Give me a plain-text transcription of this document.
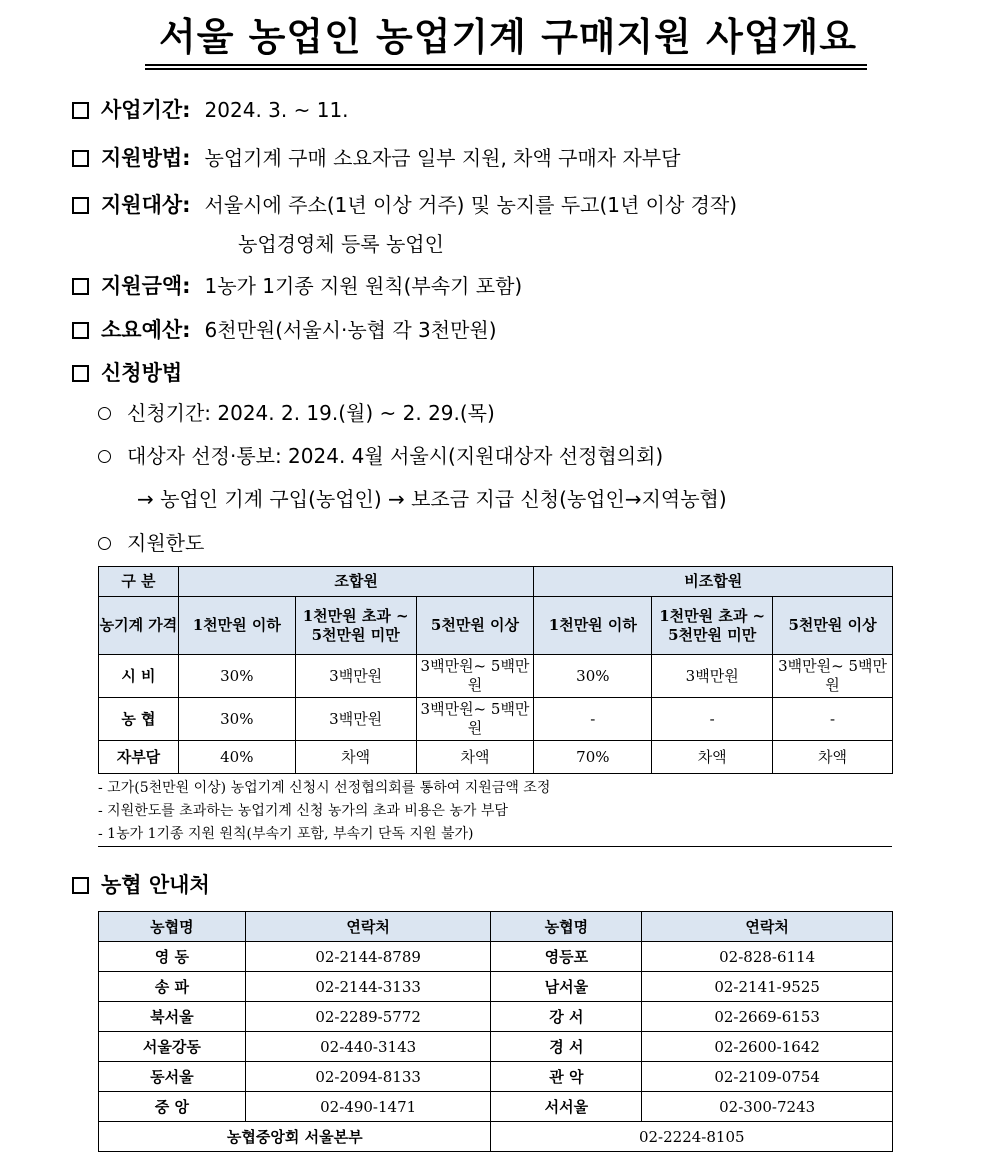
서울 농업인 농업기계 구매지원 사업개요
사업기간: 2024. 3. ~ 11.
지원방법: 농업기계 구매 소요자금 일부 지원, 차액 구매자 자부담
지원대상: 서울시에 주소(1년 이상 거주) 및 농지를 두고(1년 이상 경작)
농업경영체 등록 농업인
지원금액: 1농가 1기종 지원 원칙(부속기 포함)
소요예산: 6천만원(서울시·농협 각 3천만원)
신청방법
신청기간: 2024. 2. 19.(월) ~ 2. 29.(목)
대상자 선정·통보: 2024. 4월 서울시(지원대상자 선정협의회)
→ 농업인 기계 구입(농업인) → 보조금 지급 신청(농업인→지역농협)
지원한도
구 분	조합원			비조합원		
농기계 가격	1천만원 이하	1천만원 초과 ~ 5천만원 미만	5천만원 이상	1천만원 이하	1천만원 초과 ~ 5천만원 미만	5천만원 이상
시 비	30%	3백만원	3백만원~ 5백만원	30%	3백만원	3백만원~ 5백만원
농 협	30%	3백만원	3백만원~ 5백만원	-	-	-
자부담	40%	차액	차액	70%	차액	차액
- 고가(5천만원 이상) 농업기계 신청시 선정협의회를 통하여 지원금액 조정
- 지원한도를 초과하는 농업기계 신청 농가의 초과 비용은 농가 부담
- 1농가 1기종 지원 원칙(부속기 포함, 부속기 단독 지원 불가)
농협 안내처
농협명	연락처	농협명	연락처
영 동	02-2144-8789	영등포	02-828-6114
송 파	02-2144-3133	남서울	02-2141-9525
북서울	02-2289-5772	강 서	02-2669-6153
서울강동	02-440-3143	경 서	02-2600-1642
동서울	02-2094-8133	관 악	02-2109-0754
중 앙	02-490-1471	서서울	02-300-7243
농협중앙회 서울본부		02-2224-8105	
